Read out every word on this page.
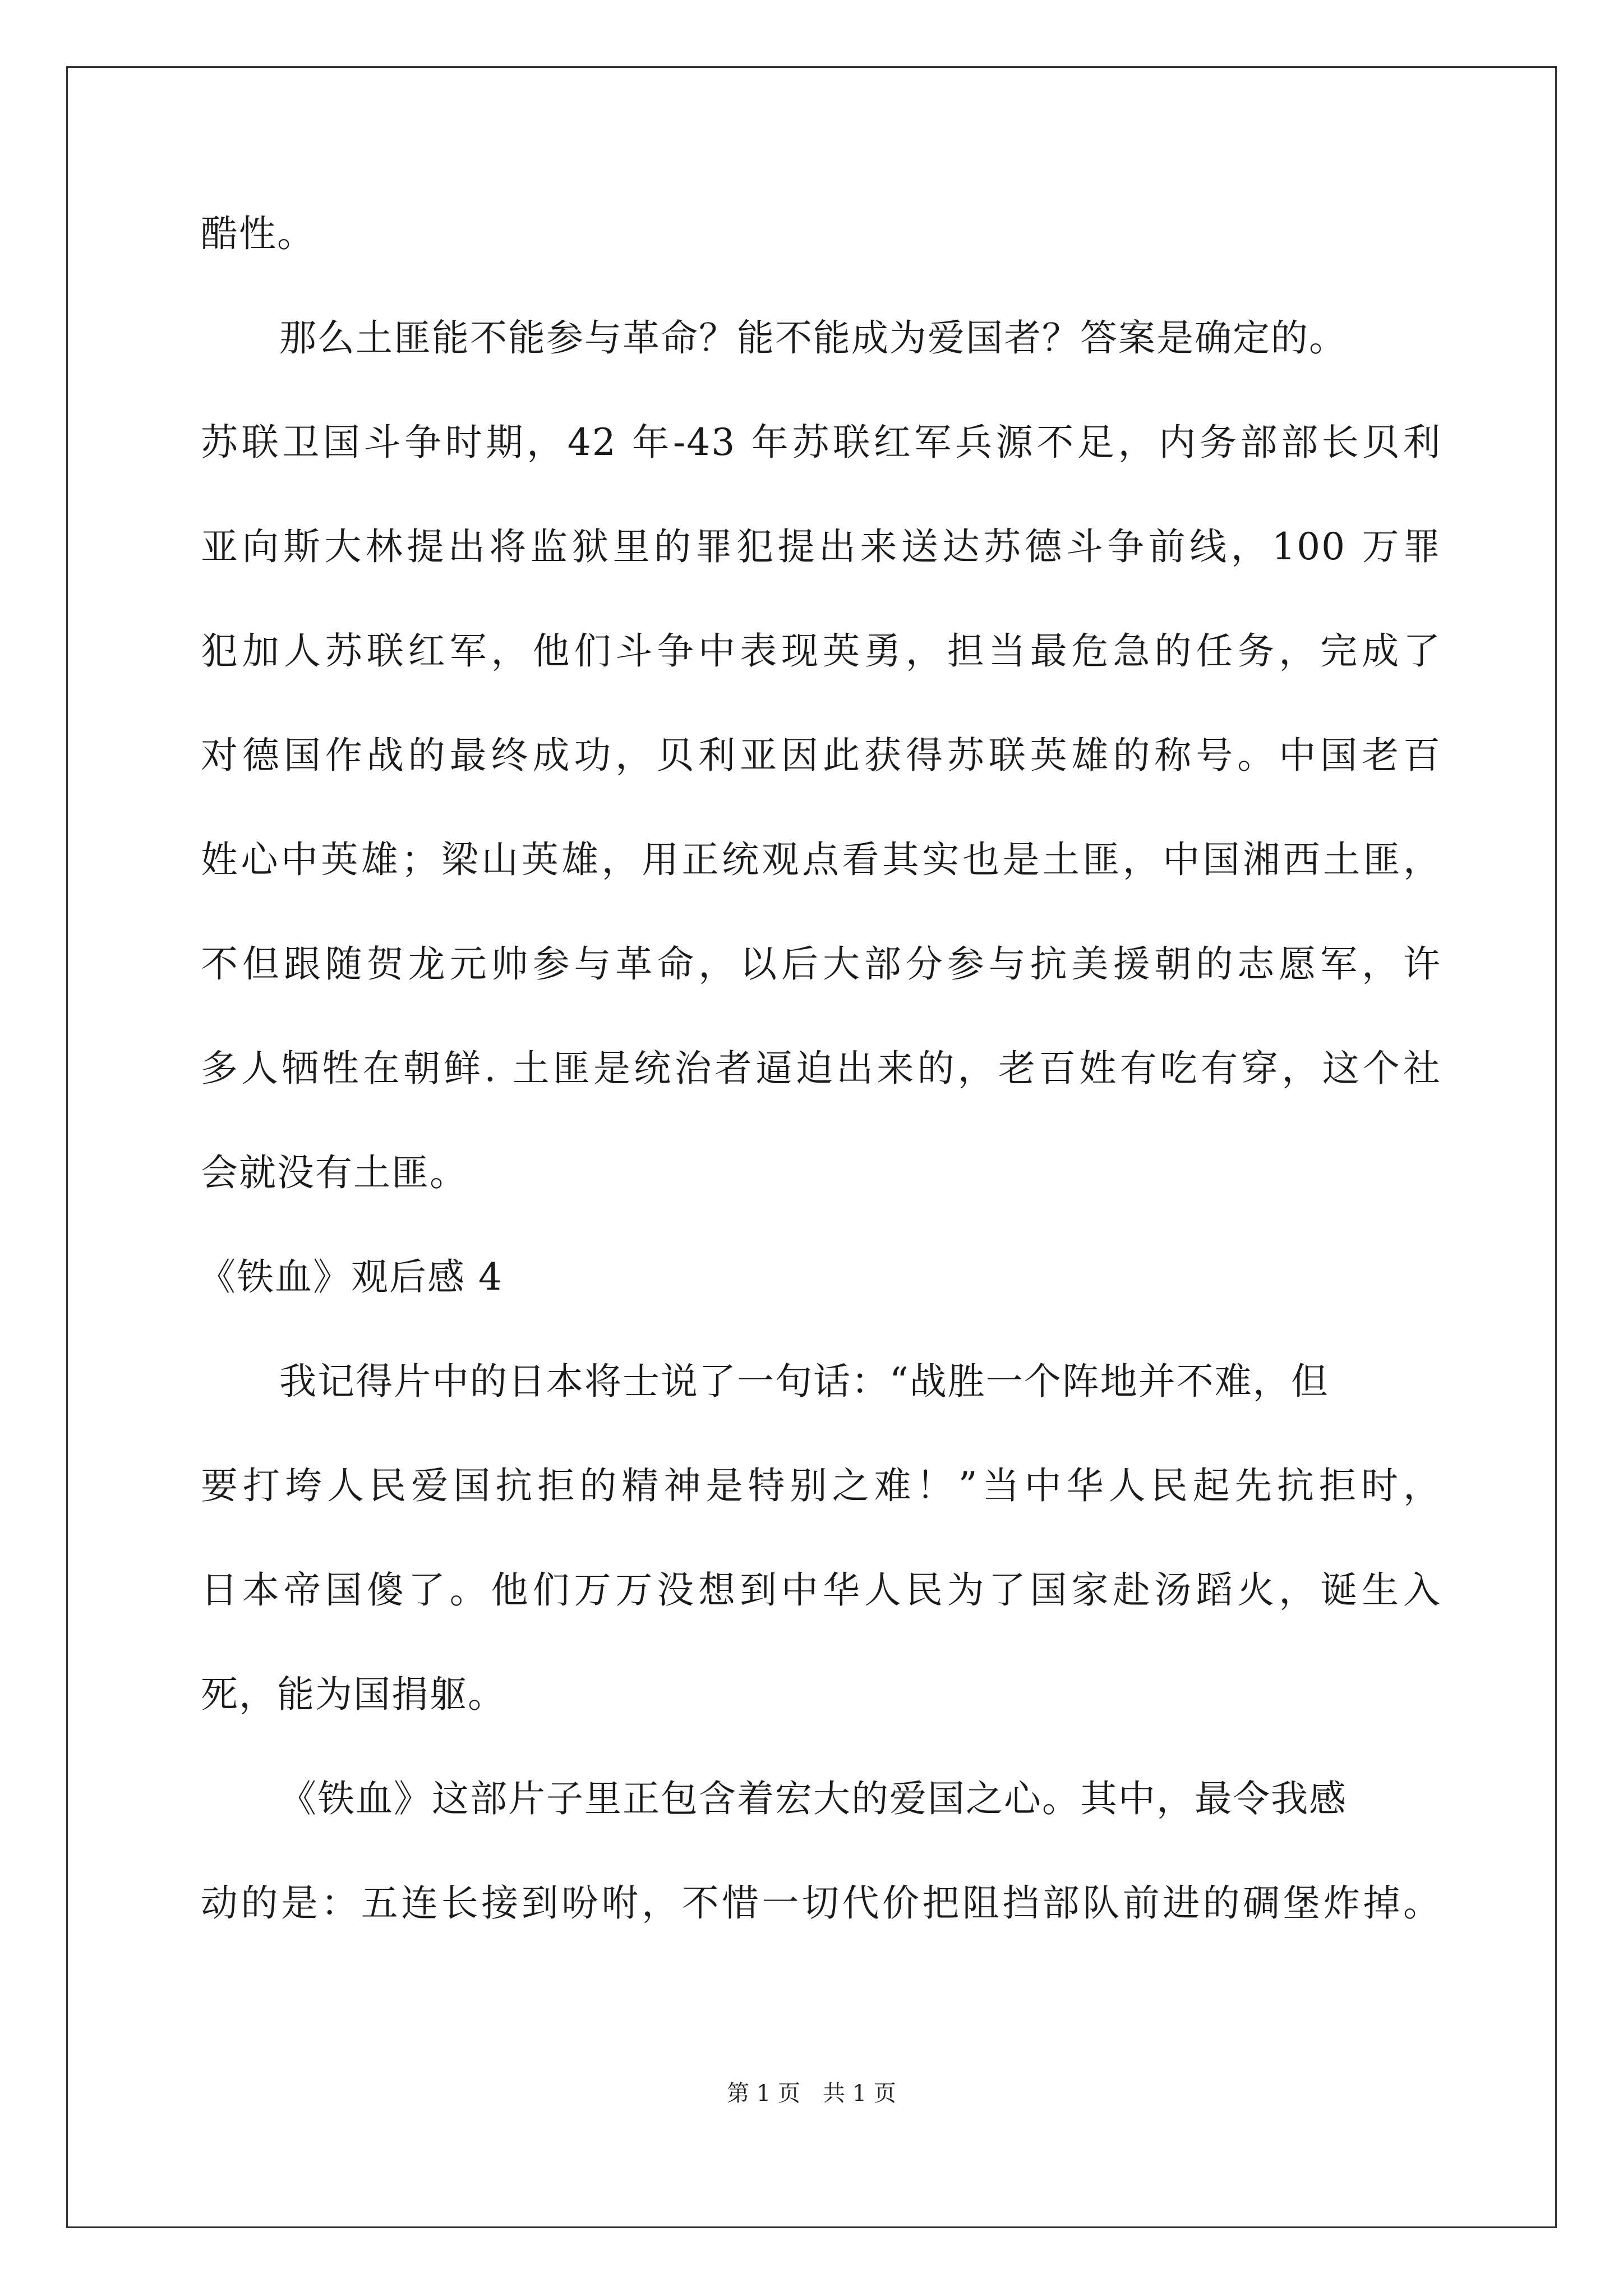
酷性。
那么土匪能不能参与革命？能不能成为爱国者？答案是确定的。
苏联卫国斗争时期，42 年-43 年苏联红军兵源不足，内务部部长贝利
亚向斯大林提出将监狱里的罪犯提出来送达苏德斗争前线，100 万罪
犯加人苏联红军，他们斗争中表现英勇，担当最危急的任务，完成了
对德国作战的最终成功，贝利亚因此获得苏联英雄的称号。中国老百
姓心中英雄；梁山英雄，用正统观点看其实也是土匪，中国湘西土匪，
不但跟随贺龙元帅参与革命，以后大部分参与抗美援朝的志愿军，许
多人牺牲在朝鲜. 土匪是统治者逼迫出来的，老百姓有吃有穿，这个社
会就没有土匪。
《铁血》观后感 4
我记得片中的日本将士说了一句话：“战胜一个阵地并不难，但
要打垮人民爱国抗拒的精神是特别之难！”当中华人民起先抗拒时，
日本帝国傻了。他们万万没想到中华人民为了国家赴汤蹈火，诞生入
死，能为国捐躯。
《铁血》这部片子里正包含着宏大的爱国之心。其中，最令我感
动的是：五连长接到吩咐，不惜一切代价把阻挡部队前进的碉堡炸掉。
第 1 页　共 1 页
